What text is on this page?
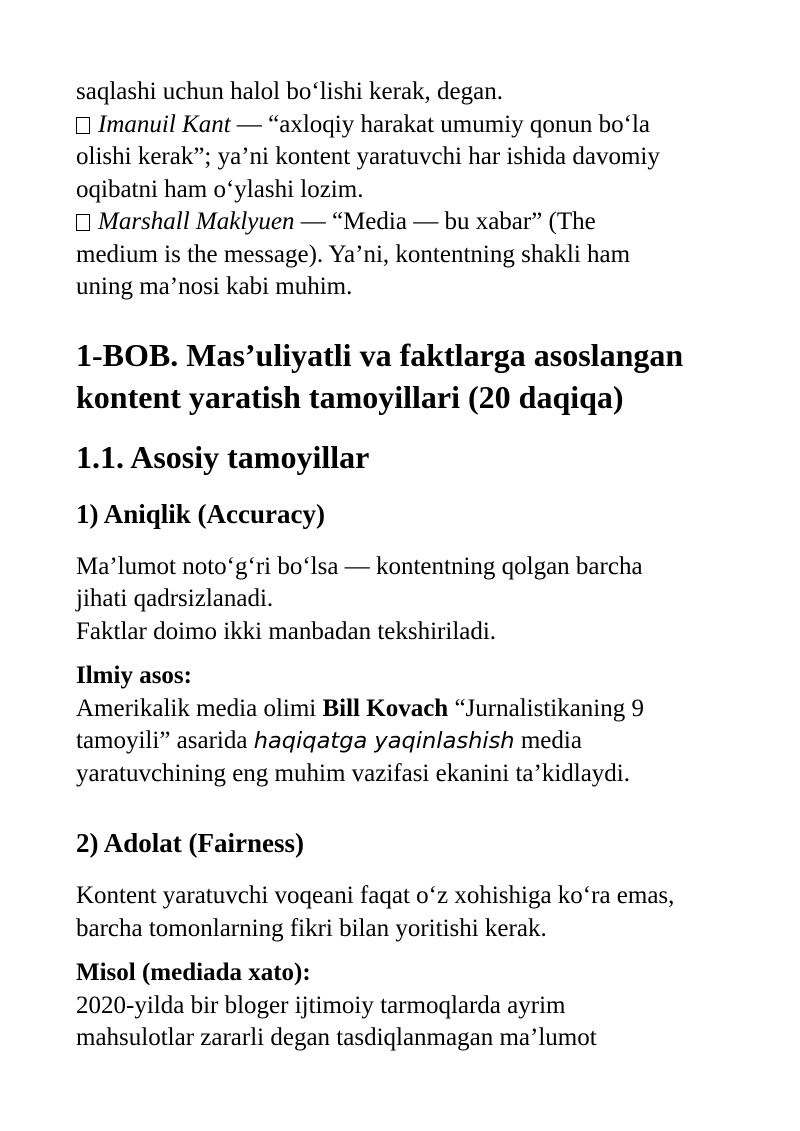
saqlashi uchun halol bo‘lishi kerak, degan.
Imanuil Kant — “axloqiy harakat umumiy qonun bo‘la
olishi kerak”; ya’ni kontent yaratuvchi har ishida davomiy
oqibatni ham o‘ylashi lozim.
Marshall Maklyuen — “Media — bu xabar” (The
medium is the message). Ya’ni, kontentning shakli ham
uning ma’nosi kabi muhim.

1-BOB. Mas’uliyatli va faktlarga asoslangan
kontent yaratish tamoyillari (20 daqiqa)
1.1. Asosiy tamoyillar
1) Aniqlik (Accuracy)

Ma’lumot noto‘g‘ri bo‘lsa — kontentning qolgan barcha
jihati qadrsizlanadi.
Faktlar doimo ikki manbadan tekshiriladi.

Ilmiy asos:
Amerikalik media olimi Bill Kovach “Jurnalistikaning 9
tamoyili” asarida haqiqatga yaqinlashish media
yaratuvchining eng muhim vazifasi ekanini ta’kidlaydi.

2) Adolat (Fairness)

Kontent yaratuvchi voqeani faqat o‘z xohishiga ko‘ra emas,
barcha tomonlarning fikri bilan yoritishi kerak.

Misol (mediada xato):
2020-yilda bir bloger ijtimoiy tarmoqlarda ayrim
mahsulotlar zararli degan tasdiqlanmagan ma’lumot
